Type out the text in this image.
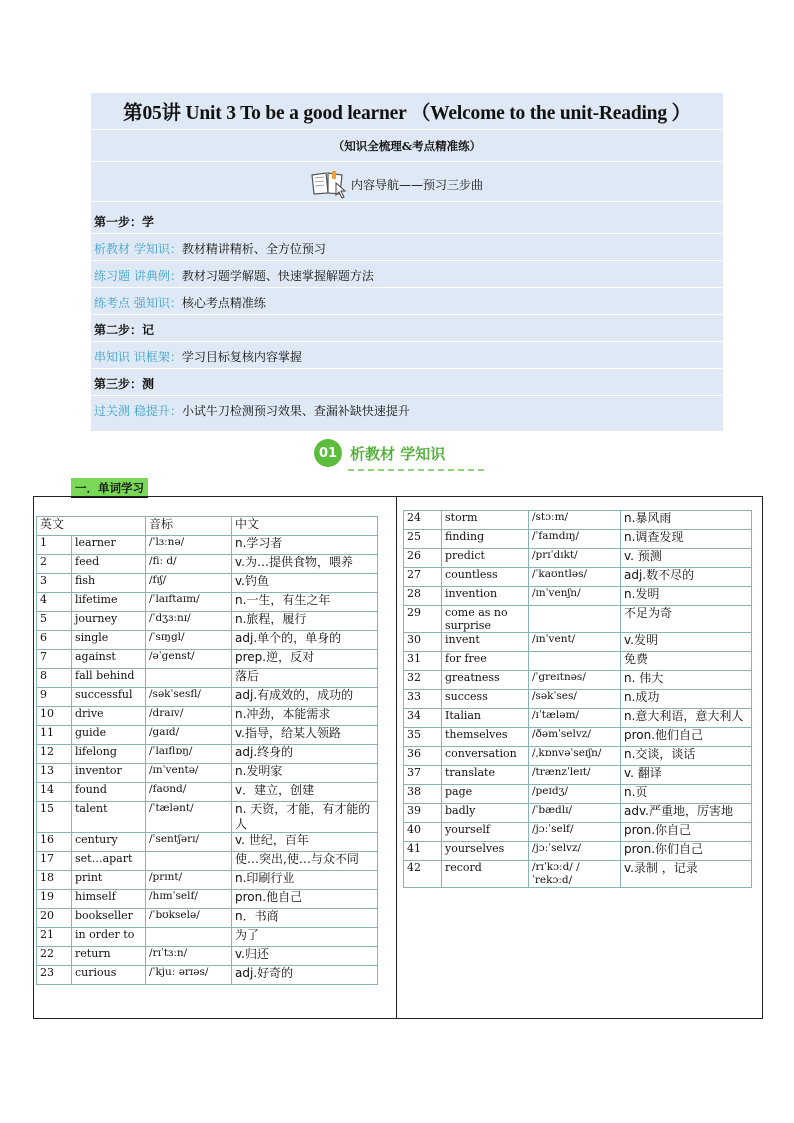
第05讲 Unit 3 To be a good learner （Welcome to the unit-Reading ）
（知识全梳理&考点精准练）
内容导航——预习三步曲
第一步：学
析教材 学知识：教材精讲精析、全方位预习
练习题 讲典例：教材习题学解题、快速掌握解题方法
练考点 强知识：核心考点精准练
第二步：记
串知识 识框架：学习目标复核内容掌握
第三步：测
过关测 稳提升：小试牛刀检测预习效果、查漏补缺快速提升
01 析教材 学知识
一．单词学习
英文		音标	中文
1	learner	/ˈlɜːnə/	n.学习者
2	feed	/fiː d/	v.为…提供食物，喂养
3	fish	/fɪʃ/	v.钓鱼
4	lifetime	/ˈlaɪftaɪm/	n.一生，有生之年
5	journey	/ˈdʒɜːnɪ/	n.旅程，履行
6	single	/ˈsɪŋgl/	adj.单个的，单身的
7	against	/əˈgenst/	prep.逆，反对
8	fall behind		落后
9	successful	/səkˈsesfl/	adj.有成效的，成功的
10	drive	/draɪv/	n.冲劲，本能需求
11	guide	/gaɪd/	v.指导，给某人领路
12	lifelong	/ˈlaɪflɒŋ/	adj.终身的
13	inventor	/ɪnˈventə/	n.发明家
14	found	/faʊnd/	v．建立，创建
15	talent	/ˈtælənt/	n. 天资，才能，有才能的人
16	century	/ˈsentʃərɪ/	v. 世纪，百年
17	set…apart		使…突出,使…与众不同
18	print	/prɪnt/	n.印刷行业
19	himself	/hɪmˈself/	pron.他自己
20	bookseller	/ˈbʊkselə/	n．书商
21	in order to		为了
22	return	/rɪˈtɜːn/	v.归还
23	curious	/ˈkjuː ərɪəs/	adj.好奇的
24	storm	/stɔːm/	n.暴风雨
25	finding	/ˈfaɪndɪŋ/	n.调查发现
26	predict	/prɪˈdɪkt/	v. 预测
27	countless	/ˈkaʊntləs/	adj.数不尽的
28	invention	/ɪnˈvenʃn/	n.发明
29	come as no surprise		不足为奇
30	invent	/ɪnˈvent/	v.发明
31	for free		免费
32	greatness	/ˈgreɪtnəs/	n. 伟大
33	success	/səkˈses/	n.成功
34	Italian	/ɪˈtæləm/	n.意大利语，意大利人
35	themselves	/ðəmˈselvz/	pron.他们自己
36	conversation	/ˌkɒnvəˈseɪʃn/	n.交谈，谈话
37	translate	/trænzˈleɪt/	v. 翻译
38	page	/peɪdʒ/	n.页
39	badly	/ˈbædlɪ/	adv.严重地，厉害地
40	yourself	/jɔːˈself/	pron.你自己
41	yourselves	/jɔːˈselvz/	pron.你们自己
42	record	/rɪˈkɔːd/ /ˈrekɔːd/	v.录制 ，记录
